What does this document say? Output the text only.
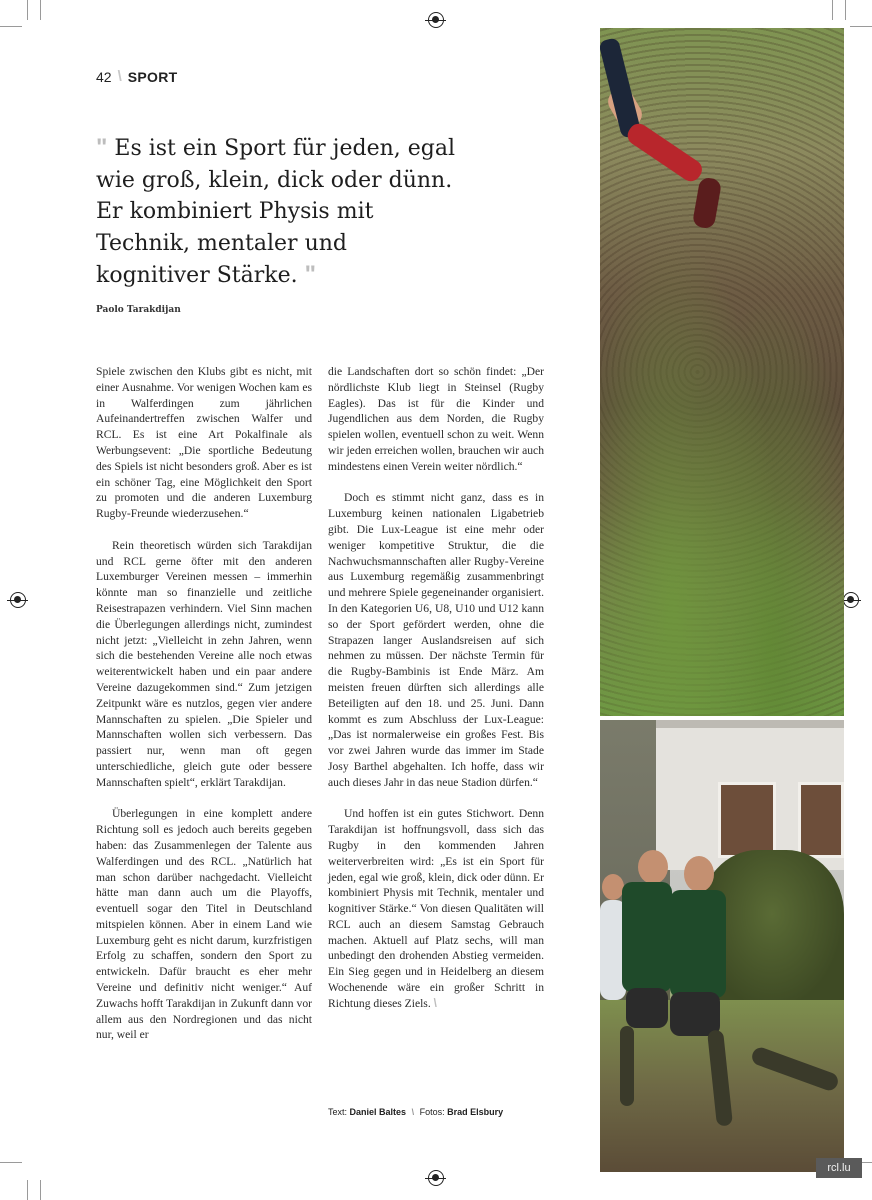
42 \ SPORT
" Es ist ein Sport für jeden, egal wie groß, klein, dick oder dünn. Er kombiniert Physis mit Technik, mentaler und kognitiver Stärke. "
Paolo Tarakdijan

Spiele zwischen den Klubs gibt es nicht, mit einer Ausnahme. Vor wenigen Wochen kam es in Walferdingen zum jährlichen Aufeinandertreffen zwischen Walfer und RCL. Es ist eine Art Pokalfinale als Werbungsevent: „Die sportliche Bedeutung des Spiels ist nicht besonders groß. Aber es ist ein schöner Tag, eine Möglichkeit den Sport zu promoten und die anderen Luxemburg Rugby-Freunde wiederzusehen.“

Rein theoretisch würden sich Tarakdijan und RCL gerne öfter mit den anderen Luxemburger Vereinen messen – immerhin könnte man so finanzielle und zeitliche Reisestrapazen verhindern. Viel Sinn machen die Überlegungen allerdings nicht, zumindest nicht jetzt: „Vielleicht in zehn Jahren, wenn sich die bestehenden Vereine alle noch etwas weiterentwickelt haben und ein paar andere Vereine dazugekommen sind.“ Zum jetzigen Zeitpunkt wäre es nutzlos, gegen vier andere Mannschaften zu spielen. „Die Spieler und Mannschaften wollen sich verbessern. Das passiert nur, wenn man oft gegen unterschiedliche, gleich gute oder bessere Mannschaften spielt“, erklärt Tarakdijan.

Überlegungen in eine komplett andere Richtung soll es jedoch auch bereits gegeben haben: das Zusammenlegen der Talente aus Walferdingen und des RCL. „Natürlich hat man schon darüber nachgedacht. Vielleicht hätte man dann auch um die Playoffs, eventuell sogar den Titel in Deutschland mitspielen können. Aber in einem Land wie Luxemburg geht es nicht darum, kurzfristigen Erfolg zu schaffen, sondern den Sport zu entwickeln. Dafür braucht es eher mehr Vereine und definitiv nicht weniger.“ Auf Zuwachs hofft Tarakdijan in Zukunft dann vor allem aus den Nordregionen und das nicht nur, weil er

die Landschaften dort so schön findet: „Der nördlichste Klub liegt in Steinsel (Rugby Eagles). Das ist für die Kinder und Jugendlichen aus dem Norden, die Rugby spielen wollen, eventuell schon zu weit. Wenn wir jeden erreichen wollen, brauchen wir auch mindestens einen Verein weiter nördlich.“

Doch es stimmt nicht ganz, dass es in Luxemburg keinen nationalen Ligabetrieb gibt. Die Lux-League ist eine mehr oder weniger kompetitive Struktur, die die Nachwuchsmannschaften aller Rugby-Vereine aus Luxemburg regemäßig zusammenbringt und mehrere Spiele gegeneinander organisiert. In den Kategorien U6, U8, U10 und U12 kann so der Sport gefördert werden, ohne die Strapazen langer Auslandsreisen auf sich nehmen zu müssen. Der nächste Termin für die Rugby-Bambinis ist Ende März. Am meisten freuen dürften sich allerdings alle Beteiligten auf den 18. und 25. Juni. Dann kommt es zum Abschluss der Lux-League: „Das ist normalerweise ein großes Fest. Bis vor zwei Jahren wurde das immer im Stade Josy Barthel abgehalten. Ich hoffe, dass wir auch dieses Jahr in das neue Stadion dürfen.“

Und hoffen ist ein gutes Stichwort. Denn Tarakdijan ist hoffnungsvoll, dass sich das Rugby in den kommenden Jahren weiterverbreiten wird: „Es ist ein Sport für jeden, egal wie groß, klein, dick oder dünn. Er kombiniert Physis mit Technik, mentaler und kognitiver Stärke.“ Von diesen Qualitäten will RCL auch an diesem Samstag Gebrauch machen. Aktuell auf Platz sechs, will man unbedingt den drohenden Abstieg vermeiden. Ein Sieg gegen und in Heidelberg an diesem Wochenende wäre ein großer Schritt in Richtung dieses Ziels. \

Text: Daniel Baltes \ Fotos: Brad Elsbury
rcl.lu
